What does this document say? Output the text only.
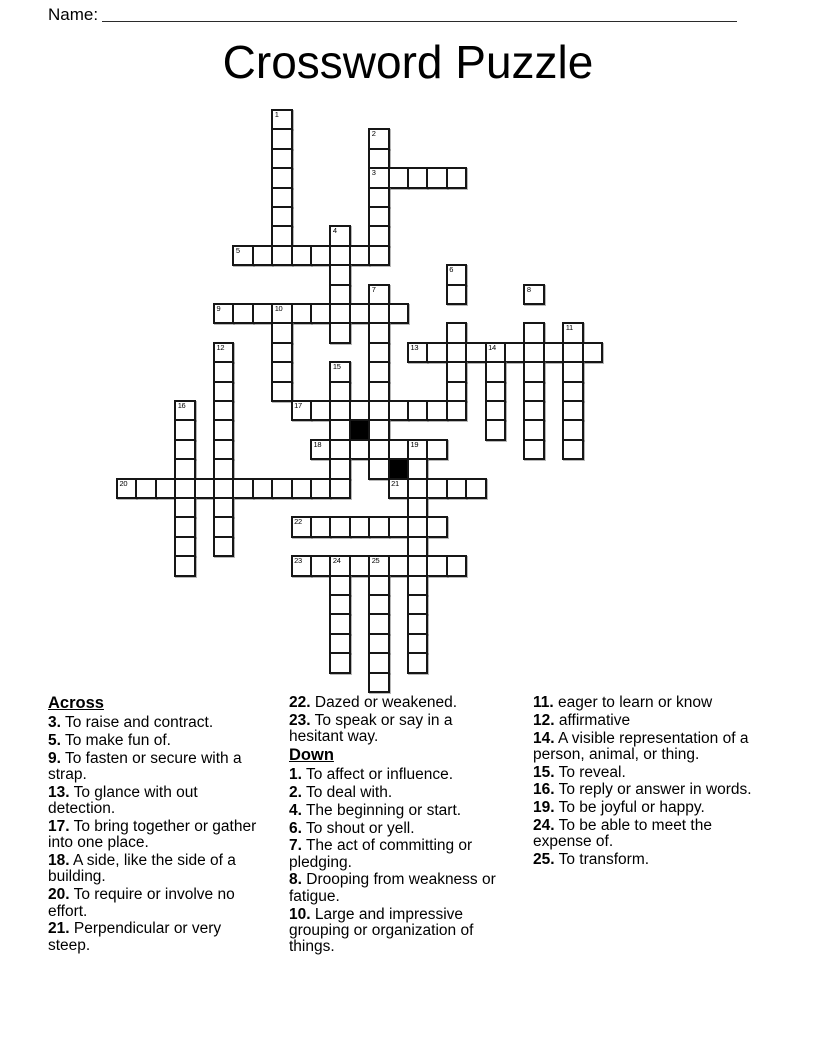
Name:
Crossword Puzzle
1
2
3
4
5
6
7	8
9	10
11
12	13	14
15
16	17
18	19
20	21
22
23	24	25
Across

3. To raise and contract.

5. To make fun of.

9. To fasten or secure with a strap.

13. To glance with out detection.

17. To bring together or gather into one place.

18. A side, like the side of a building.

20. To require or involve no effort.

21. Perpendicular or very steep.

22. Dazed or weakened.

23. To speak or say in a hesitant way.

Down

1. To affect or influence.

2. To deal with.

4. The beginning or start.

6. To shout or yell.

7. The act of committing or pledging.

8. Drooping from weakness or fatigue.

10. Large and impressive grouping or organization of things.

11. eager to learn or know

12. affirmative

14. A visible representation of a person, animal, or thing.

15. To reveal.

16. To reply or answer in words.

19. To be joyful or happy.

24. To be able to meet the expense of.

25. To transform.
